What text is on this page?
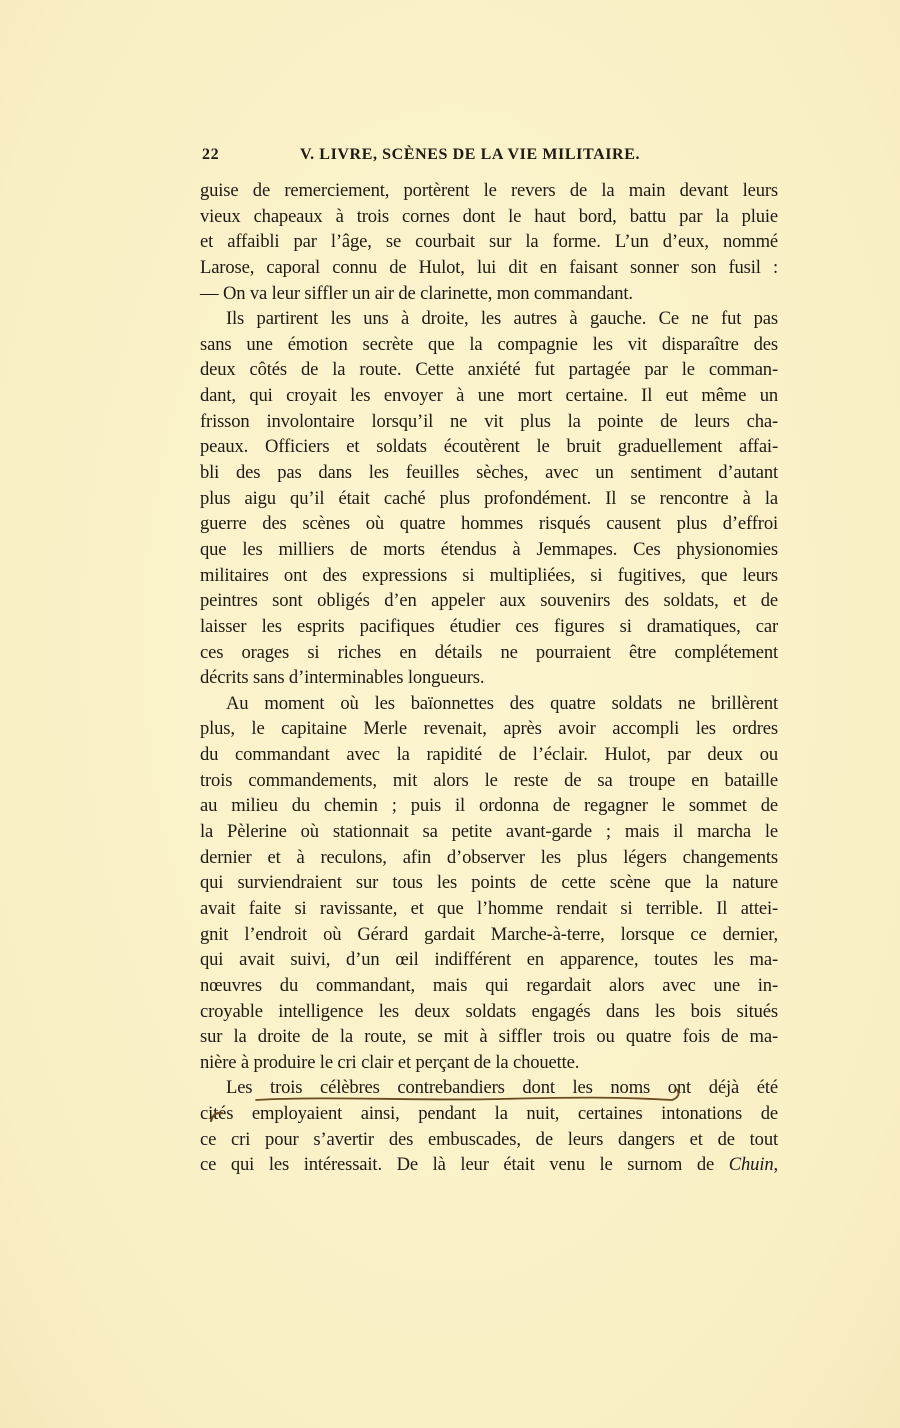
22	V. LIVRE, SCÈNES DE LA VIE MILITAIRE.
guise de remerciement, portèrent le revers de la main devant leurs
vieux chapeaux à trois cornes dont le haut bord, battu par la pluie
et affaibli par l’âge, se courbait sur la forme. L’un d’eux, nommé
Larose, caporal connu de Hulot, lui dit en faisant sonner son fusil :
— On va leur siffler un air de clarinette, mon commandant.
Ils partirent les uns à droite, les autres à gauche. Ce ne fut pas
sans une émotion secrète que la compagnie les vit disparaître des
deux côtés de la route. Cette anxiété fut partagée par le comman-
dant, qui croyait les envoyer à une mort certaine. Il eut même un
frisson involontaire lorsqu’il ne vit plus la pointe de leurs cha-
peaux. Officiers et soldats écoutèrent le bruit graduellement affai-
bli des pas dans les feuilles sèches, avec un sentiment d’autant
plus aigu qu’il était caché plus profondément. Il se rencontre à la
guerre des scènes où quatre hommes risqués causent plus d’effroi
que les milliers de morts étendus à Jemmapes. Ces physionomies
militaires ont des expressions si multipliées, si fugitives, que leurs
peintres sont obligés d’en appeler aux souvenirs des soldats, et de
laisser les esprits pacifiques étudier ces figures si dramatiques, car
ces orages si riches en détails ne pourraient être complétement
décrits sans d’interminables longueurs.
Au moment où les baïonnettes des quatre soldats ne brillèrent
plus, le capitaine Merle revenait, après avoir accompli les ordres
du commandant avec la rapidité de l’éclair. Hulot, par deux ou
trois commandements, mit alors le reste de sa troupe en bataille
au milieu du chemin ; puis il ordonna de regagner le sommet de
la Pèlerine où stationnait sa petite avant-garde ; mais il marcha le
dernier et à reculons, afin d’observer les plus légers changements
qui surviendraient sur tous les points de cette scène que la nature
avait faite si ravissante, et que l’homme rendait si terrible. Il attei-
gnit l’endroit où Gérard gardait Marche-à-terre, lorsque ce dernier,
qui avait suivi, d’un œil indifférent en apparence, toutes les ma-
nœuvres du commandant, mais qui regardait alors avec une in-
croyable intelligence les deux soldats engagés dans les bois situés
sur la droite de la route, se mit à siffler trois ou quatre fois de ma-
nière à produire le cri clair et perçant de la chouette.
Les trois célèbres contrebandiers dont les noms ont déjà été
cités employaient ainsi, pendant la nuit, certaines intonations de
ce cri pour s’avertir des embuscades, de leurs dangers et de tout
ce qui les intéressait. De là leur était venu le surnom de Chuin,
